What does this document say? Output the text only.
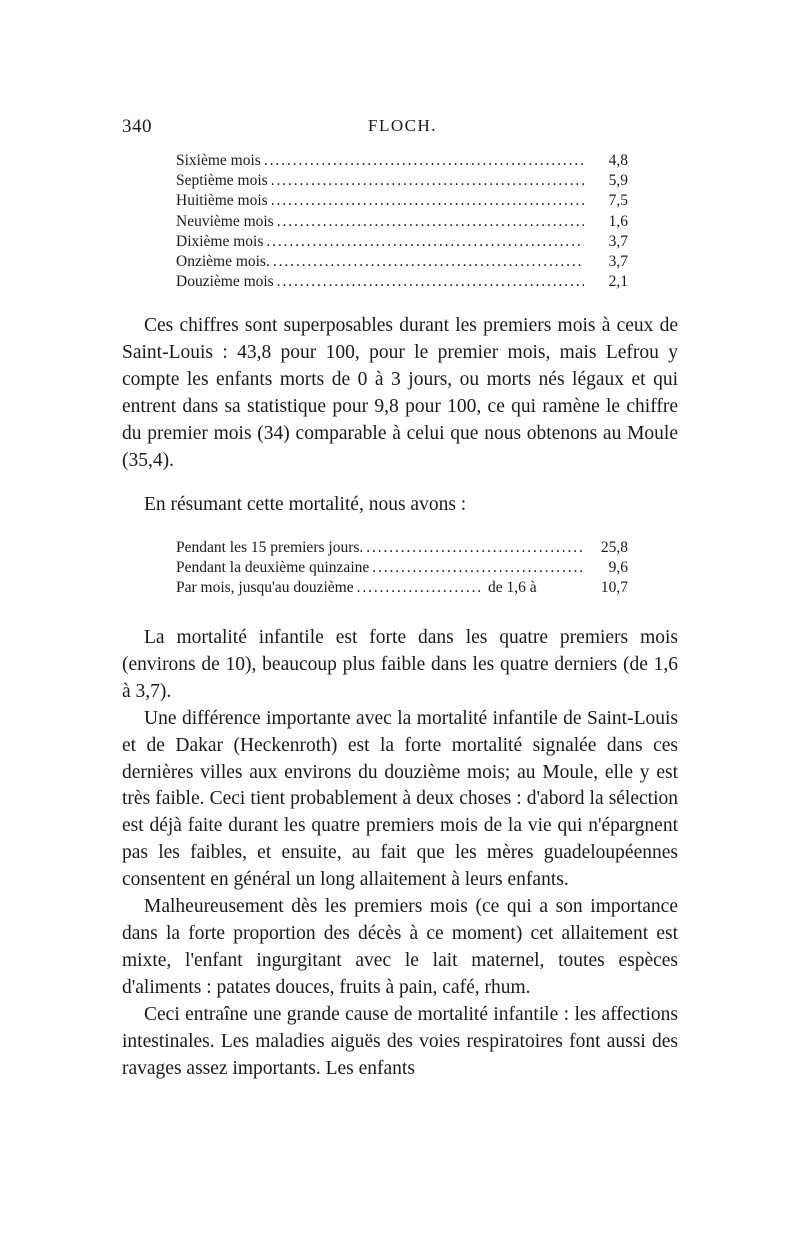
340	FLOCH.
Sixième mois . . .	4,8
Septième mois . . .	5,9
Huitième mois . . .	7,5
Neuvième mois . . .	1,6
Dixième mois . . .	3,7
Onzième mois. . . .	3,7
Douzième mois . . .	2,1

Ces chiffres sont superposables durant les premiers mois à ceux de Saint-Louis : 43,8 pour 100, pour le premier mois, mais Lefrou y compte les enfants morts de 0 à 3 jours, ou morts nés légaux et qui entrent dans sa statistique pour 9,8 pour 100, ce qui ramène le chiffre du premier mois (34) comparable à celui que nous obtenons au Moule (35,4).

En résumant cette mortalité, nous avons :

Pendant les 15 premiers jours. . . .	25,8
Pendant la deuxième quinzaine . . .	9,6
Par mois, jusqu'au douzième . . .	de 1,6 à	10,7

La mortalité infantile est forte dans les quatre premiers mois (environs de 10), beaucoup plus faible dans les quatre derniers (de 1,6 à 3,7).

Une différence importante avec la mortalité infantile de Saint-Louis et de Dakar (Heckenroth) est la forte mortalité signalée dans ces dernières villes aux environs du douzième mois; au Moule, elle y est très faible. Ceci tient probablement à deux choses : d'abord la sélection est déjà faite durant les quatre premiers mois de la vie qui n'épargnent pas les faibles, et ensuite, au fait que les mères guadeloupéennes consentent en général un long allaitement à leurs enfants.

Malheureusement dès les premiers mois (ce qui a son importance dans la forte proportion des décès à ce moment) cet allaitement est mixte, l'enfant ingurgitant avec le lait maternel, toutes espèces d'aliments : patates douces, fruits à pain, café, rhum.

Ceci entraîne une grande cause de mortalité infantile : les affections intestinales. Les maladies aiguës des voies respiratoires font aussi des ravages assez importants. Les enfants
